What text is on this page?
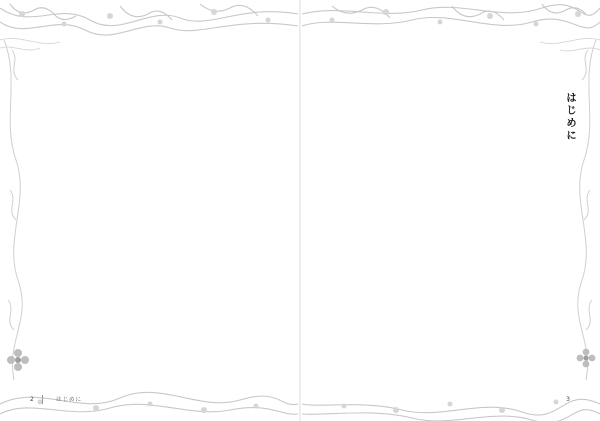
2	はじめに
はじめに
3
